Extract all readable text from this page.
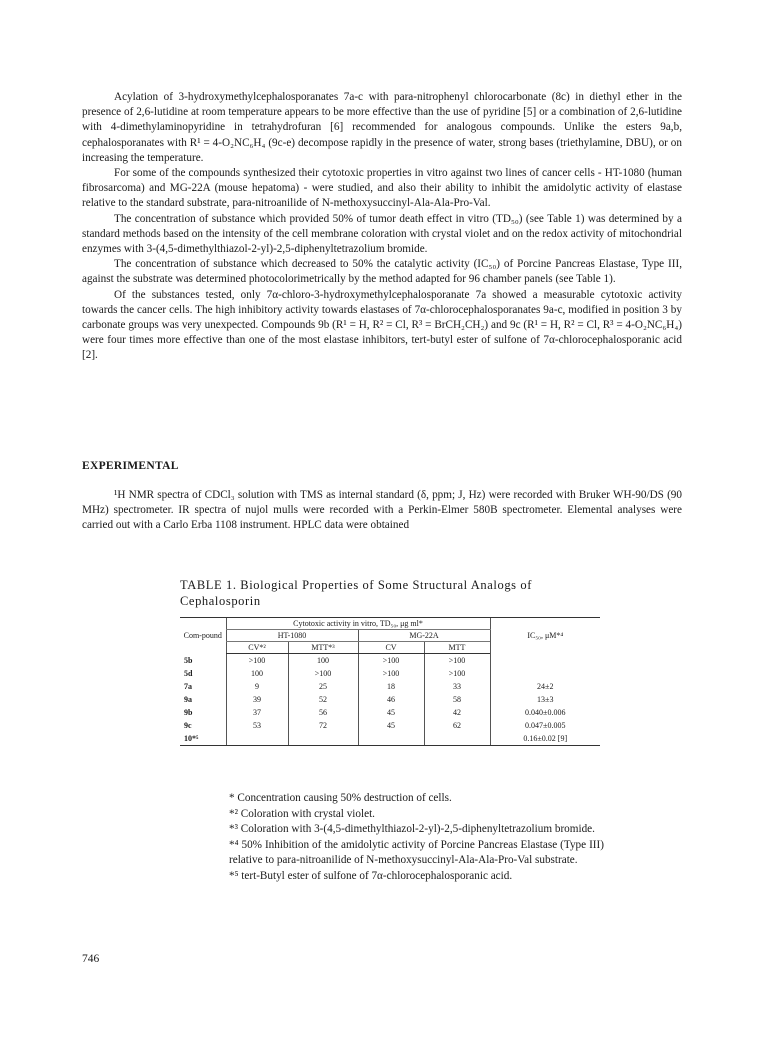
Acylation of 3-hydroxymethylcephalosporanates 7a-c with para-nitrophenyl chlorocarbonate (8c) in diethyl ether in the presence of 2,6-lutidine at room temperature appears to be more effective than the use of pyridine [5] or a combination of 2,6-lutidine with 4-dimethylaminopyridine in tetrahydrofuran [6] recommended for analogous compounds. Unlike the esters 9a,b, cephalosporanates with R¹ = 4-O₂NC₆H₄ (9c-e) decompose rapidly in the presence of water, strong bases (triethylamine, DBU), or on increasing the temperature.

For some of the compounds synthesized their cytotoxic properties in vitro against two lines of cancer cells - HT-1080 (human fibrosarcoma) and MG-22A (mouse hepatoma) - were studied, and also their ability to inhibit the amidolytic activity of elastase relative to the standard substrate, para-nitroanilide of N-methoxysuccinyl-Ala-Ala-Pro-Val.

The concentration of substance which provided 50% of tumor death effect in vitro (TD₅₀) (see Table 1) was determined by a standard methods based on the intensity of the cell membrane coloration with crystal violet and on the redox activity of mitochondrial enzymes with 3-(4,5-dimethylthiazol-2-yl)-2,5-diphenyltetrazolium bromide.

The concentration of substance which decreased to 50% the catalytic activity (IC₅₀) of Porcine Pancreas Elastase, Type III, against the substrate was determined photocolorimetrically by the method adapted for 96 chamber panels (see Table 1).

Of the substances tested, only 7α-chloro-3-hydroxymethylcephalosporanate 7a showed a measurable cytotoxic activity towards the cancer cells. The high inhibitory activity towards elastases of 7α-chlorocephalosporanates 9a-c, modified in position 3 by carbonate groups was very unexpected. Compounds 9b (R¹ = H, R² = Cl, R³ = BrCH₂CH₂) and 9c (R¹ = H, R² = Cl, R³ = 4-O₂NC₆H₄) were four times more effective than one of the most elastase inhibitors, tert-butyl ester of sulfone of 7α-chlorocephalosporanic acid [2].

EXPERIMENTAL

¹H NMR spectra of CDCl₃ solution with TMS as internal standard (δ, ppm; J, Hz) were recorded with Bruker WH-90/DS (90 MHz) spectrometer. IR spectra of nujol mulls were recorded with a Perkin-Elmer 580B spectrometer. Elemental analyses were carried out with a Carlo Erba 1108 instrument. HPLC data were obtained

TABLE 1. Biological Properties of Some Structural Analogs of Cephalosporin
Com-pound	Cytotoxic activity in vitro, TD₅₀, μg ml*				IC₅₀, μM*⁴
	HT-1080		MG-22A		
	CV*²	MTT*³	CV	MTT	
5b	>100	100	>100	>100	
5d	100	>100	>100	>100	
7a	9	25	18	33	24±2
9a	39	52	46	58	13±3
9b	37	56	45	42	0.040±0.006
9c	53	72	45	62	0.047±0.005
10*⁵					0.16±0.02 [9]
* Concentration causing 50% destruction of cells.
*² Coloration with crystal violet.
*³ Coloration with 3-(4,5-dimethylthiazol-2-yl)-2,5-diphenyltetrazolium bromide.
*⁴ 50% Inhibition of the amidolytic activity of Porcine Pancreas Elastase (Type III) relative to para-nitroanilide of N-methoxysuccinyl-Ala-Ala-Pro-Val substrate.
*⁵ tert-Butyl ester of sulfone of 7α-chlorocephalosporanic acid.
746
